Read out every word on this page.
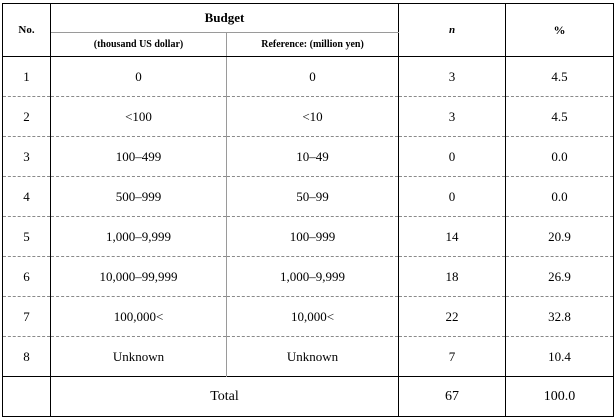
No.	Budget		n	%
	(thousand US dollar)	Reference: (million yen)		
1	0	0	3	4.5
2	<100	<10	3	4.5
3	100–499	10–49	0	0.0
4	500–999	50–99	0	0.0
5	1,000–9,999	100–999	14	20.9
6	10,000–99,999	1,000–9,999	18	26.9
7	100,000<	10,000<	22	32.8
8	Unknown	Unknown	7	10.4
	Total		67	100.0
